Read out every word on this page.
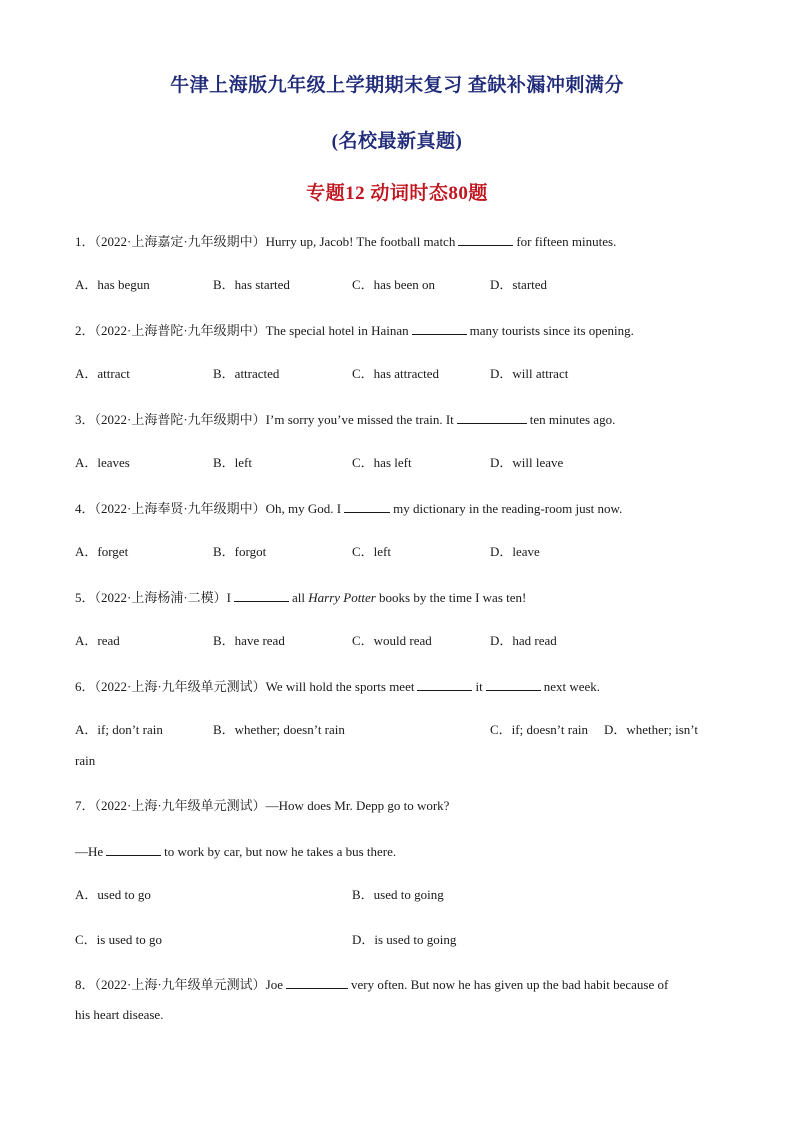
牛津上海版九年级上学期期末复习 查缺补漏冲刺满分
(名校最新真题)
专题12 动词时态80题
1．（2022·上海嘉定·九年级期中）Hurry up, Jacob! The football match	for fifteen minutes.
A．has begun	B．has started	C．has been on	D．started
2．（2022·上海普陀·九年级期中）The special hotel in Hainan	many tourists since its opening.
A．attract	B．attracted	C．has attracted	D．will attract
3．（2022·上海普陀·九年级期中）I’m sorry you’ve missed the train. It	ten minutes ago.
A．leaves	B．left	C．has left	D．will leave
4．（2022·上海奉贤·九年级期中）Oh, my God. I	my dictionary in the reading-room just now.
A．forget	B．forgot	C．left	D．leave
5．（2022·上海杨浦·二模）I	all Harry Potter books by the time I was ten!
A．read	B．have read	C．would read	D．had read
6．（2022·上海·九年级单元测试）We will hold the sports meet	it	next week.
A．if; don’t rain	B．whether; doesn’t rain	C．if; doesn’t rain D．whether; isn’t
rain
7．（2022·上海·九年级单元测试）—How does Mr. Depp go to work?
—He	to work by car, but now he takes a bus there.
A．used to go	B．used to going
C．is used to go	D．is used to going
8．（2022·上海·九年级单元测试）Joe	very often. But now he has given up the bad habit because of
his heart disease.
